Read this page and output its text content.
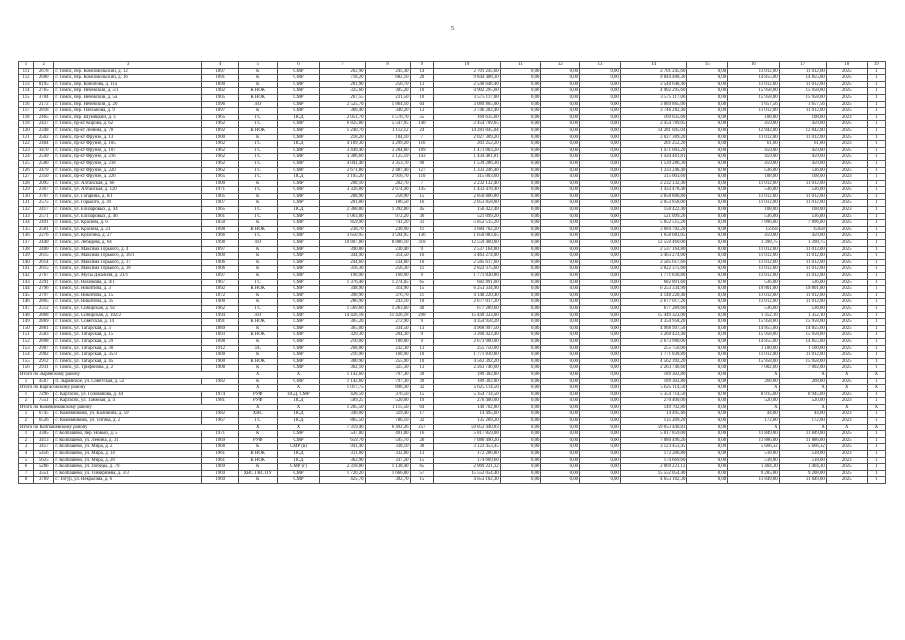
5
1	2	3	4	5	6	7	8	9	10	11	12	13	14	15	16	17	18	19
111	2678	г. Томск, пер. Комсомольский, д. 12	1897	К	СМР	262,90	245,30	14	2 701 245,60	0,00	0,00	0,00	2 701 245,60	0,00	11 012,00	11 012,00	2025	1
112	2680	г. Томск, пер. Комсомольский, д. 16	1891	К	СМР	718,20	682,10	20	9 844 408,30	0,00	0,00	0,00	9 844 408,30	0,00	14 855,00	14 855,00	2025	1
113	8195	г. Томск, пер. Конопова, д. 11а	1890	К	СМР	281,90	250,70	13	2 540 648,40	0,00	0,00	0,00	2 540 648,40	0,00	11 012,00	11 012,00	2025	1
114	2765	г. Томск, пер. Нечевский, д. 5/1	1902	К НОК	СМР	325,60	305,20	10	4 902 295,60	0,00	0,00	0,00	4 902 295,60	0,00	15 958,00	15 958,00	2025	1
115	3784	г. Томск, пер. Нечевский, д. 5а	1905	К НОК	СМР	267,55	231,50	10	3 575 117,00	0,00	0,00	0,00	3 575 117,00	0,00	15 958,00	15 958,00	2025	1
116	2172	г. Томск, пер. Нечевский, д. 20	1996	ЛО	СМР	2 525,70	1 864,10	64	3 089 865,00	0,00	0,00	0,00	3 089 865,00	0,00	1 657,56	1 657,56	2025	1
117	2818	г. Томск, пер. Плеханова, д. 9	1897	К	СМР	360,40	340,20	13	3 746 282,40	0,00	0,00	0,00	3 746 282,40	0,00	11 012,00	11 012,00	2025	1
118	2465	г. Томск, пер. Шумяцкий, д. 3	1965	ГС	ПСД	2 051,70	1 570,70	55	169 635,60	0,00	0,00	0,00	169 635,60	0,00	108,00	108,00	2023	1
119	2427	г. Томск, пр-кт Кирова, д. 62	1962	ГС	СМР	6 825,00	5 547,95	140	2 454 709,05	0,00	0,00	0,00	2 454 709,05	0,00	459,00	459,00	2025	1
120	2348	г. Томск, пр-кт Ленина, д. 70	1892	К НОК	СМР	1 240,70	1 112,12	24	14 281 045,04	0,00	0,00	0,00	14 281 045,04	0,00	12 842,00	12 842,00	2025	1
121	2502	г. Томск, пр-кт Фрунзе, д. 13	1900	К	СМР	218,20	184,10	7	2 027 309,20	0,00	0,00	0,00	2 027 309,20	0,00	11 012,00	11 012,00	2025	1
122	2484	г. Томск, пр-кт Фрунзе, д. 105	1962	ГС	ПСД	4 109,30	3 299,20	116	201 252,20	0,00	0,00	0,00	201 252,20	0,00	61,00	61,00	2023	1
123	3470	г. Томск, пр-кт Фрунзе, д. 107	1962	ГС	СМР	3 449,40	3 204,80	109	1 471 003,20	0,00	0,00	0,00	1 471 003,20	0,00	459,00	459,00	2025	1
124	2549	г. Томск, пр-кт Фрунзе, д. 216	1962	ГС	СМР	3 386,60	3 125,19	143	1 434 461,81	0,00	0,00	0,00	1 434 461,81	0,00	459,00	459,00	2025	1
125	2580	г. Томск, пр-кт Фрунзе, д. 218	1962	ГС	СМР	4 041,40	3 353,70	90	1 539 286,30	0,00	0,00	0,00	1 539 286,30	0,00	459,00	459,00	2025	1
126	2479	г. Томск, пр-кт Фрунзе, д. 220	1962	ГС	СМР	2 671,80	2 487,40	127	1 333 246,40	0,00	0,00	0,00	1 333 246,40	0,00	536,00	536,00	2025	1
127	2350	г. Томск, пр-кт Фрунзе, д. 226	1965	ГС	ПСД	3 105,20	2 916,70	110	315 003,60	0,00	0,00	0,00	315 003,60	0,00	108,00	108,00	2023	1
128	2095	г. Томск, ул. Алтайская, д. 66	1900	К	СМР	208,10	202,70	7	2 232 132,40	0,00	0,00	0,00	2 232 132,40	0,00	11 012,00	11 012,00	2025	1
129	2367	г. Томск, ул. Алтайская, д. 120	1971	ГС	СМР	3 326,00	2 674,40	145	1 433 478,40	0,00	0,00	0,00	1 433 478,40	0,00	536,00	536,00	2025	1
130	3707	г. Томск, ул. Гагарина, д. 6/1	1905	К	СМР	288,90	258,90	15	2 850 806,80	0,00	0,00	0,00	2 850 806,80	0,00	11 012,00	11 012,00	2025	1
131	2575	г. Томск, ул. Горького, д. 39	1907	К	СМР	201,80	186,50	16	2 053 858,00	0,00	0,00	0,00	2 053 858,00	0,00	11 012,00	11 012,00	2025	1
132	2417	г. Томск, ул. Елизаровых, д. 44	1965	ГС	ПСД	2 368,80	1 392,80	45	150 422,40	0,00	0,00	0,00	150 422,40	0,00	108,00	108,00	2023	1
133	2571	г. Томск, ул. Елизаровых, д. 46	1961	ГС	СМР	1 063,00	972,20	36	521 099,20	0,00	0,00	0,00	521 099,20	0,00	536,00	536,00	2025	1
134	2491	г. Томск, ул. Красина, д. 6	1850	К	СМР	859,90	741,20	31	5 852 515,20	0,00	0,00	0,00	5 852 515,20	0,00	7 896,00	7 896,00	2025	1
135	2581	г. Томск, ул. Красина, д. 23	1898	К НОК	СМР	238,70	230,90	11	3 684 702,20	0,00	0,00	0,00	3 684 702,20	0,00	15958	15958	2025	1
136	2276	г. Томск, ул. Кулагина, д. 27	1966	ГС	СМР	3 650,95	3 594,95	136	1 650 083,05	0,00	0,00	0,00	1 650 083,05	0,00	459,00	459,00	2025	1
137	2440	г. Томск, ул. Лебедева, д. 64	1998	ЛО	СМР	10 807,80	8 886,10	318	12 559 460,00	0,00	0,00	0,00	12 559 460,00	0,00	1 398,75	1 398,75	2025	1
138	2400	г. Томск, ул. Максима Горького, д. 4	1897	К	СМР	390,80	230,40	9	2 537 164,80	0,00	0,00	0,00	2 537 164,80	0,00	11 012,00	11 012,00	2025	1
139	2615	г. Томск, ул. Максима Горького, д. 16/1	1900	К	СМР	344,90	314,50	16	3 463 274,00	0,00	0,00	0,00	3 463 274,00	0,00	11 012,00	11 012,00	2025	1
140	2614	г. Томск, ул. Максима Горького, д. 17	1906	К	СМР	244,60	234,80	10	2 585 617,60	0,00	0,00	0,00	2 585 617,60	0,00	11 012,00	11 012,00	2025	1
141	2615	г. Томск, ул. Максима Горького, д. 18	1906	К	СМР	316,30	256,30	11	2 822 375,60	0,00	0,00	0,00	2 822 375,60	0,00	11 012,00	11 012,00	2025	1
142	2767	г. Томск, ул. Мусы Джалиля, д. 21/1	1897	К	СМР	190,90	160,90	9	1 771 830,80	0,00	0,00	0,00	1 771 830,80	0,00	11 012,00	11 012,00	2025	1
143	2291	г. Томск, ул. Нахимова, д. 4/1	1967	ГС	СМР	1 376,40	1 274,05	65	682 891,60	0,00	0,00	0,00	682 891,60	0,00	536,00	536,00	2025	1
144	2796	г. Томск, ул. Никитина, д. 3	1892	К НОК	СМР	348,90	314,90	15	6 253 334,90	0,00	0,00	0,00	6 253 334,90	0,00	19 801,00	19 801,00	2025	1
145	2797	г. Томск, ул. Никитина, д. 15	1872	К	СМР	398,90	376,70	11	4 148 220,40	0,00	0,00	0,00	4 148 220,40	0,00	11 012,00	11 012,00	2025	1
146	2805	г. Томск, ул. Никитина, д. 35	1900	К	СМР	286,90	243,10	18	2 677 017,20	0,00	0,00	0,00	2 677 017,20	0,00	11 012,00	11 012,00	2025	1
147	2512	г. Томск, ул. Сибирская, д. 92	1962	ГС	СМР	1 569,60	1 263,60	49	677 289,60	0,00	0,00	0,00	677 289,60	0,00	536,00	536,00	2025	1
148	2868	г. Томск, ул. Сибирская, д. 102/2	1994	ЛО	СМР	14 426,18	11 426,18	298	15 449 323,00	0,00	0,00	0,00	15 449 323,00	0,00	1 352,10	1 352,10	2025	1
149	2869	г. Томск, ул. Советская, д. 14	1891	К НОК	СМР	305,20	272,90	9	4 354 958,20	0,00	0,00	0,00	4 354 958,20	0,00	15 958,00	15 958,00	2025	1
150	2881	г. Томск, ул. Татарская, д. 3	1889	К	СМР	365,00	334,50	13	4 968 997,50	0,00	0,00	0,00	4 968 997,50	0,00	14 855,00	14 855,00	2025	1
151	2583	г. Томск, ул. Татарская, д. 15	1893	К НОК	СМР	329,30	204,30	9	3 260 423,40	0,00	0,00	0,00	3 260 423,40	0,00	15 958,00	15 958,00	2025	1
152	2898	г. Томск, ул. Татарская, д. 29	1898	К	СМР	210,00	180,00	9	2 673 900,00	0,00	0,00	0,00	2 673 900,00	0,00	14 855,00	14 855,00	2025	1
153	2907	г. Томск, ул. Татарская, д. 30	1912	ЛС	СМР	268,00	232,30	13	255 750,00	0,00	0,00	0,00	255 750,00	0,00	1 100,00	1 100,00	2025	1
154	2902	г. Томск, ул. Татарская, д. 35/3	1900	К	СМР	216,90	160,90	10	1 771 830,80	0,00	0,00	0,00	1 771 830,80	0,00	11 012,00	11 012,00	2025	1
155	2912	г. Томск, ул. Татарская, д. 45	1900	К НОК	СМР	300,90	255,90	10	4 562 392,20	0,00	0,00	0,00	4 562 392,20	0,00	15 958,00	15 958,00	2025	1
156	2931	г. Томск, ул. Трифонова, д. 2	1908	К	СМР	362,10	325,30	13	2 263 746,60	0,00	0,00	0,00	2 263 746,60	0,00	7 002,00	7 002,00	2025	1
Итого по Зырянскому району				Х	Х	1 142,60	797,30	39	189 302,80	0,00	0,00	0,00	189 302,80	0,00	Х	Х	Х	Х
1	4507	п. Зырянское, ул. Советская, д. 52	1982	К	СМР	1 142,60	797,30	39	189 302,80	0,00	0,00	0,00	189 302,80	0,00	268,00	268,00	2025	1
Итого по Каргасокскому району				Х	Х	1 017,75	896,30	32	5 625 114,50	0,00	0,00	0,00	5 625 114,50	0,00	Х	Х	Х	Х
1	7296	с. Каргасок, ул. Голованова, д. 44	1974	РУФ	ПСД, СМР	428,50	376,50	15	5 354 714,50	0,00	0,00	0,00	5 354 714,50	0,00	8 915,00	8 945,00	2025	1
2	7551	с. Каргасок, ул. Таежная, д. 4	1981	РУФ	ПСД	589,25	520,00	19	270 400,00	0,00	0,00	0,00	270 400,00	0,00	520,00	520,00	2023	1
Итого по Кожевниковскому району				Х	Х	1 205,50	1 115,50	64	149 702,80	0,00	0,00	0,00	149 702,80	0,00	Х	Х	Х	Х
1	6745	с. Кожевниково, ул. Калинина, д. 59	1982	ХВС	ПСД	340,00	329,40	17	14 495,60	0,00	0,00	0,00	14 495,60	0,00	44,00	44,00	2023	1
2	6526	с. Кожевниково, ул. Титова, д. 2	1967	ГС	ПСД	865,50	786,10	32	135 209,20	0,00	0,00	0,00	135 209,20	0,00	172,00	172,00	2023	1
Итого по Колпашевскому району				Х	Х	7 319,40	6 492,36	257	59 053 440,83	0,00	0,00	0,00	59 053 440,83	0,00	Х	Х	Х	Х
1	3385	г. Колпашево, пер. Новый, д. 5	1971	К	СМР	547,00	491,00	16	5 817 859,00	0,00	0,00	0,00	5 817 859,00	0,00	11 849,00	11 849,00	2025	1
2	3413	г. Колпашево, ул. Ленина, д. 31	1969	РУФ	СМР	659,70	595,70	20	7 080 490,20	0,00	0,00	0,00	7 080 490,20	0,00	11 886,00	11 886,00	2025	1
3	3457	г. Колпашево, ул. Мира, д. 2	1968	К	СМР (в)	941,40	338,10	38	3 123 453,45	0,00	0,00	0,00	3 123 453,45	0,00	5 666,32	5 666,32	2025	1
4	5456	г. Колпашево, ул. Мира, д. 14	1961	К НОК	ПСД	331,00	332,00	13	172 286,80	0,00	0,00	0,00	172 286,80	0,00	518,00	518,00	2023	1
5	5625	г. Колпашево, ул. Мира, д. 28	1961	К НОК	ПСД	362,90	337,20	15	174 669,60	0,00	0,00	0,00	174 669,60	0,00	518,00	518,00	2023	1
6	5286	г. Колпашево, ул. Победы, д. 79	1969	К	СМР (г)	2 318,80	1 138,40	65	2 069 221,12	0,00	0,00	0,00	2 069 221,12	0,00	1 404,30	1 404,30	2025	1
7	3551	г. Колпашево, ул. Тимирязева, д. 3/3	1969	ХВС ГВС ПУ	СМР	1 720,20	1 666,80	57	15 552 054,40	0,00	0,00	0,00	15 552 054,40	0,00	9 205,00	9 208,00	2025	1
8	3769	с. Тогур, ул. Некрасова, д. 6	1969	К	СМР	425,70	392,70	15	4 653 102,30	0,00	0,00	0,00	4 653 102,30	0,00	11 849,00	11 849,00	2025	1
